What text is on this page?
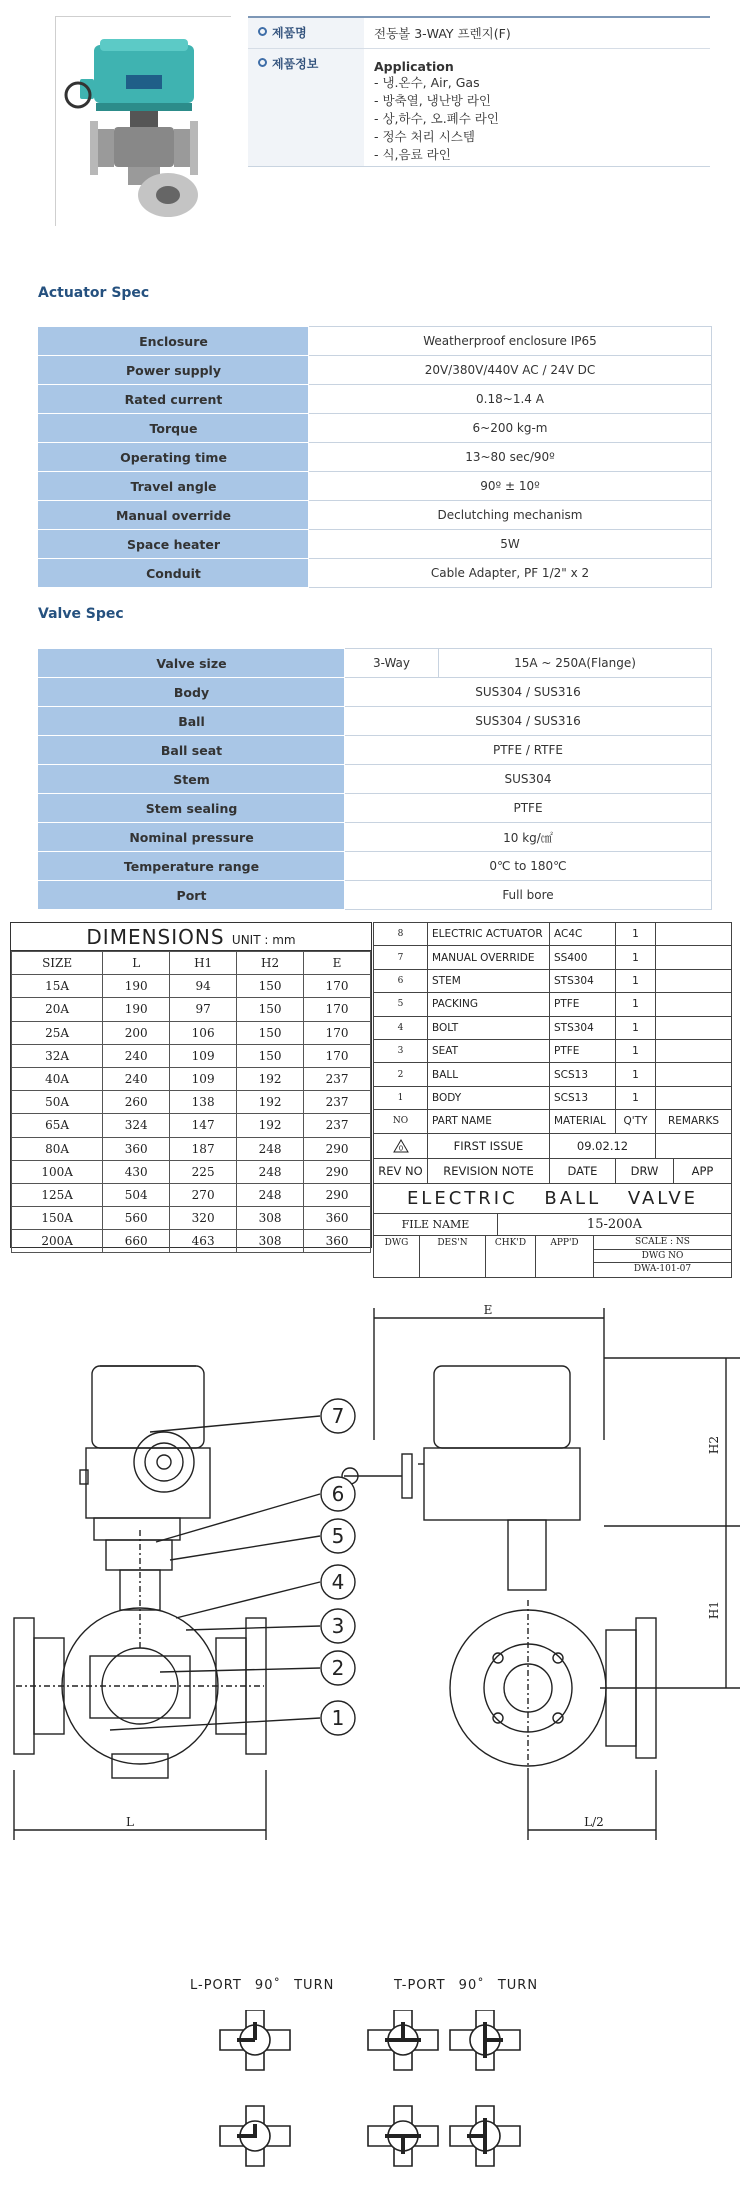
제품명	전동볼 3-WAY 프렌지(F)
제품정보	Application
- 냉.온수, Air, Gas
- 방축열, 냉난방 라인
- 상,하수, 오.폐수 라인
- 정수 처리 시스템
- 식,음료 라인
Actuator Spec
Enclosure	Weatherproof enclosure IP65
Power supply	20V/380V/440V AC / 24V DC
Rated current	0.18~1.4 A
Torque	6~200 kg-m
Operating time	13~80 sec/90º
Travel angle	90º ± 10º
Manual override	Declutching mechanism
Space heater	5W
Conduit	Cable Adapter, PF 1/2" x 2
Valve Spec
Valve size	3-Way	15A ~ 250A(Flange)
Body	SUS304 / SUS316	
Ball	SUS304 / SUS316	
Ball seat	PTFE / RTFE	
Stem	SUS304	
Stem sealing	PTFE	
Nominal pressure	10 kg/㎠	
Temperature range	0℃ to 180℃	
Port	Full bore	
DIMENSIONS UNIT : mm
SIZE	L	H1	H2	E
15A	190	94	150	170
20A	190	97	150	170
25A	200	106	150	170
32A	240	109	150	170
40A	240	109	192	237
50A	260	138	192	237
65A	324	147	192	237
80A	360	187	248	290
100A	430	225	248	290
125A	504	270	248	290
150A	560	320	308	360
200A	660	463	308	360
8	ELECTRIC ACTUATOR	AC4C	1	
7	MANUAL OVERRIDE	SS400	1	
6	STEM	STS304	1	
5	PACKING	PTFE	1	
4	BOLT	STS304	1	
3	SEAT	PTFE	1	
2	BALL	SCS13	1	
1	BODY	SCS13	1	
NO	PART NAME	MATERIAL	Q'TY	REMARKS
0	FIRST ISSUE	09.02.12
REV NO	REVISION NOTE	DATE	DRW	APP
ELECTRIC BALL VALVE
FILE NAME	15-200A
DWG	DES'N	CHK'D	APP'D	SCALE : NS
DWG NO
DWA-101-07
7
6
5
4
3
2
1
L
E
H2
H1
L/2
L-PORT 90˚ TURN	T-PORT 90˚ TURN
